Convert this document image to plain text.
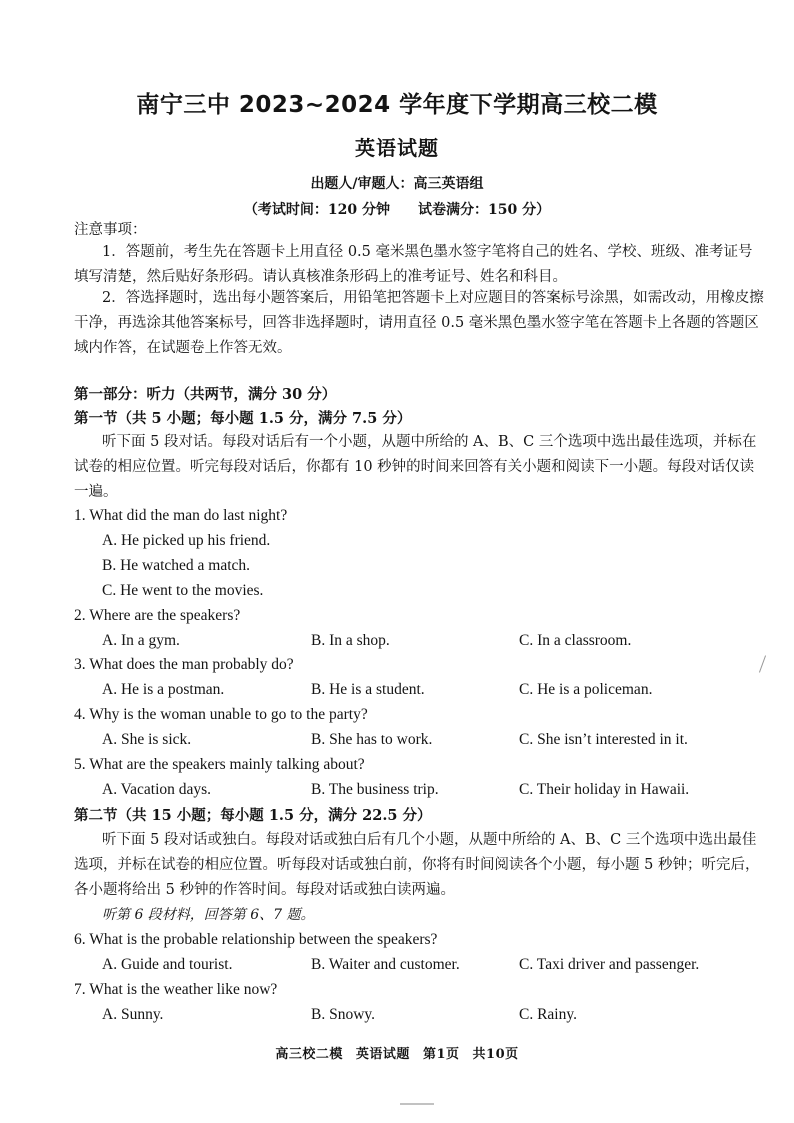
南宁三中 2023~2024 学年度下学期高三校二模
英语试题
出题人/审题人：高三英语组
（考试时间：120 分钟　　试卷满分：150 分）
注意事项：
1．答题前，考生先在答题卡上用直径 0.5 毫米黑色墨水签字笔将自己的姓名、学校、班级、准考证号填写清楚，然后贴好条形码。请认真核准条形码上的准考证号、姓名和科目。
2．答选择题时，选出每小题答案后，用铅笔把答题卡上对应题目的答案标号涂黑，如需改动，用橡皮擦干净，再选涂其他答案标号，回答非选择题时，请用直径 0.5 毫米黑色墨水签字笔在答题卡上各题的答题区域内作答，在试题卷上作答无效。
第一部分：听力（共两节，满分 30 分）
第一节（共 5 小题；每小题 1.5 分，满分 7.5 分）
听下面 5 段对话。每段对话后有一个小题，从题中所给的 A、B、C 三个选项中选出最佳选项，并标在试卷的相应位置。听完每段对话后，你都有 10 秒钟的时间来回答有关小题和阅读下一小题。每段对话仅读一遍。
1. What did the man do last night?
A. He picked up his friend.
B. He watched a match.
C. He went to the movies.
2. Where are the speakers?
A. In a gym.	B. In a shop.	C. In a classroom.
3. What does the man probably do?
A. He is a postman.	B. He is a student.	C. He is a policeman.
4. Why is the woman unable to go to the party?
A. She is sick.	B. She has to work.	C. She isn’t interested in it.
5. What are the speakers mainly talking about?
A. Vacation days.	B. The business trip.	C. Their holiday in Hawaii.
第二节（共 15 小题；每小题 1.5 分，满分 22.5 分）
听下面 5 段对话或独白。每段对话或独白后有几个小题，从题中所给的 A、B、C 三个选项中选出最佳选项，并标在试卷的相应位置。听每段对话或独白前，你将有时间阅读各个小题，每小题 5 秒钟；听完后，各小题将给出 5 秒钟的作答时间。每段对话或独白读两遍。
听第 6 段材料，回答第 6、7 题。
6. What is the probable relationship between the speakers?
A. Guide and tourist.	B. Waiter and customer.	C. Taxi driver and passenger.
7. What is the weather like now?
A. Sunny.	B. Snowy.	C. Rainy.
高三校二模 英语试题 第1页 共10页
